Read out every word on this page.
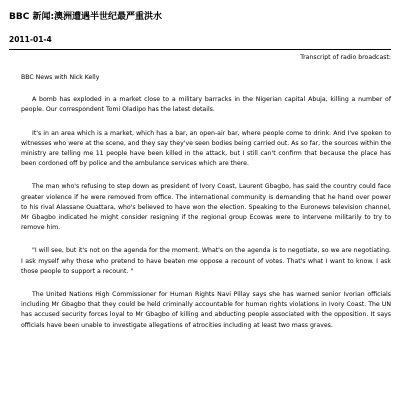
BBC 新闻:澳洲遭遇半世纪最严重洪水
2011-01-4
Transcript of radio broadcast:

BBC News with Nick Kelly

A bomb has exploded in a market close to a military barracks in the Nigerian capital Abuja, killing a number of people. Our correspondent Tomi Oladipo has the latest details.

It's in an area which is a market, which has a bar, an open-air bar, where people come to drink. And I've spoken to witnesses who were at the scene, and they say they've seen bodies being carried out. As so far, the sources within the ministry are telling me 11 people have been killed in the attack, but I still can't confirm that because the place has been cordoned off by police and the ambulance services which are there.

The man who's refusing to step down as president of Ivory Coast, Laurent Gbagbo, has said the country could face greater violence if he were removed from office. The international community is demanding that he hand over power to his rival Alassane Ouattara, who's believed to have won the election. Speaking to the Euronews television channel, Mr Gbagbo indicated he might consider resigning if the regional group Ecowas were to intervene militarily to try to remove him.

"I will see, but it's not on the agenda for the moment. What's on the agenda is to negotiate, so we are negotiating. I ask myself why those who pretend to have beaten me oppose a recount of votes. That's what I want to know. I ask those people to support a recount. "

The United Nations High Commissioner for Human Rights Navi Pillay says she has warned senior Ivorian officials including Mr Gbagbo that they could be held criminally accountable for human rights violations in Ivory Coast. The UN has accused security forces loyal to Mr Gbagbo of killing and abducting people associated with the opposition. It says officials have been unable to investigate allegations of atrocities including at least two mass graves.
